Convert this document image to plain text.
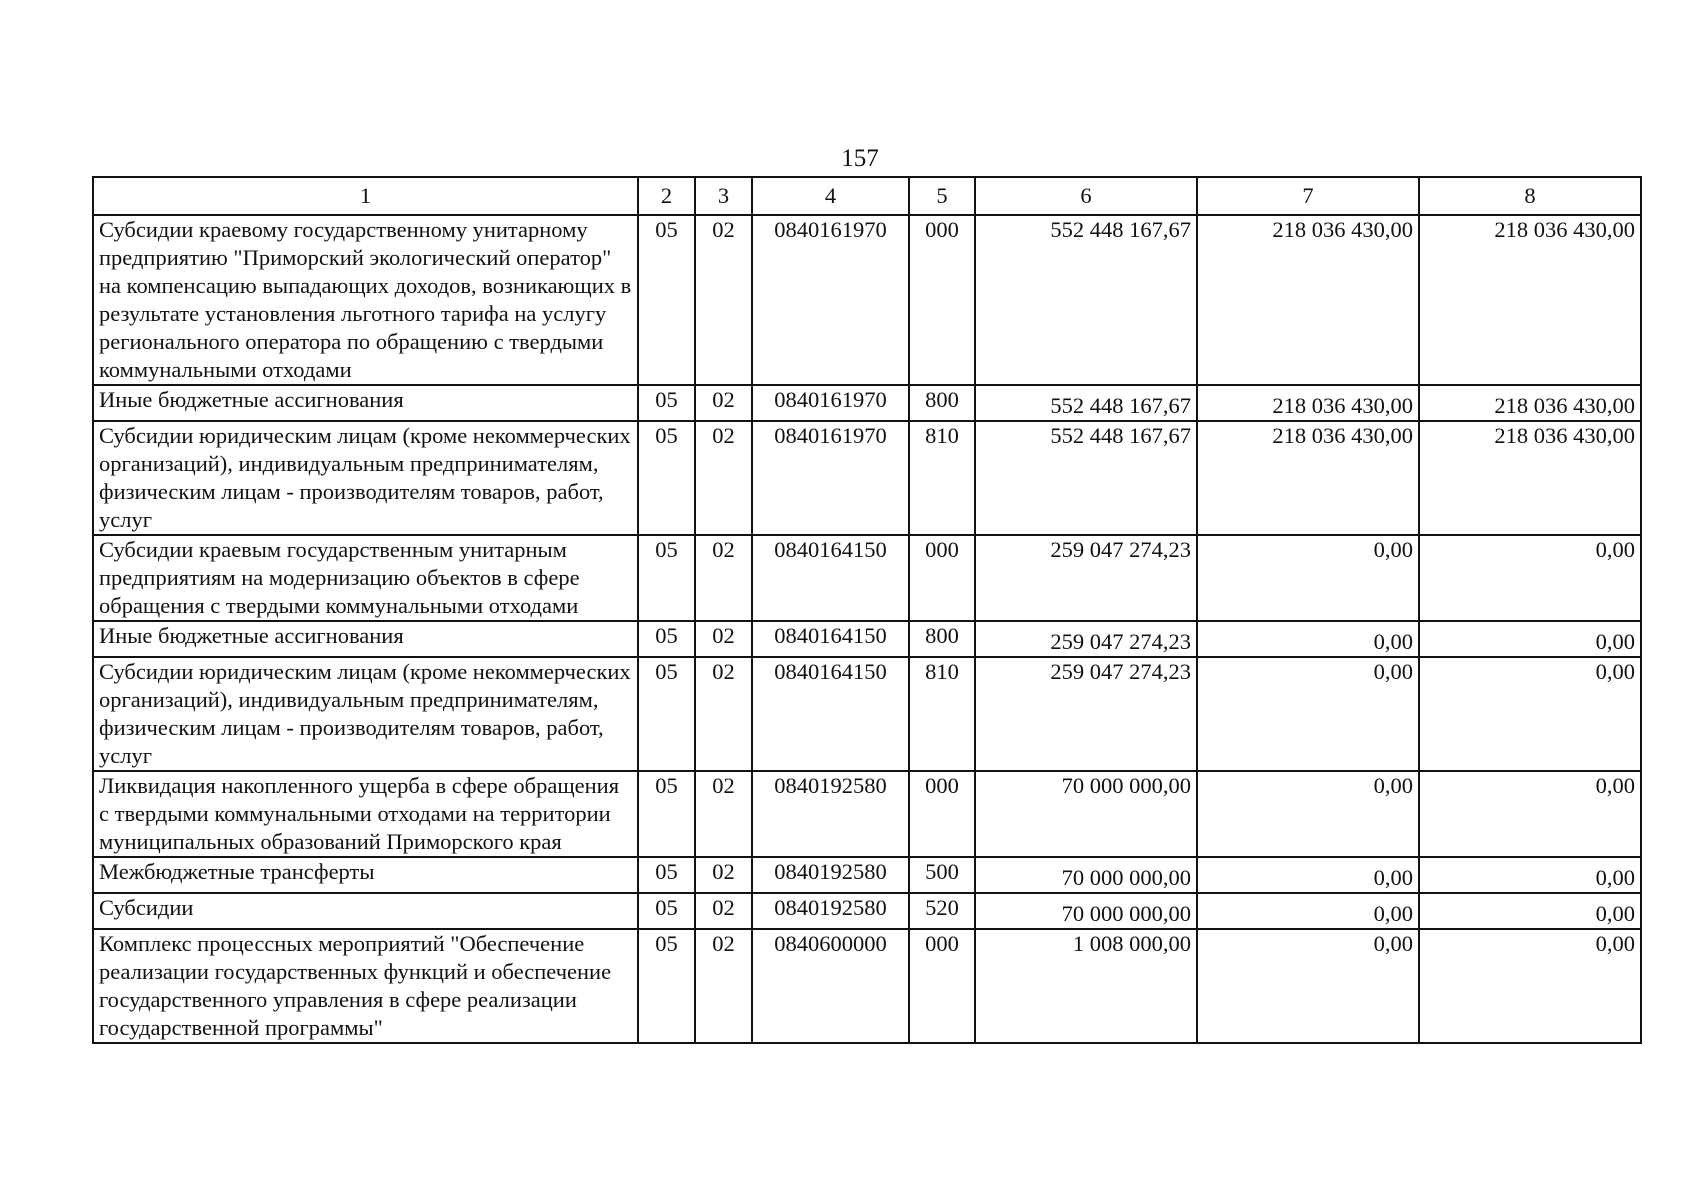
157
1	2	3	4	5	6	7	8
Субсидии краевому государственному унитарному предприятию "Приморский экологический оператор" на компенсацию выпадающих доходов, возникающих в результате установления льготного тарифа на услугу регионального оператора по обращению с твердыми коммунальными отходами	05	02	0840161970	000	552 448 167,67	218 036 430,00	218 036 430,00
Иные бюджетные ассигнования	05	02	0840161970	800	552 448 167,67	218 036 430,00	218 036 430,00
Субсидии юридическим лицам (кроме некоммерческих организаций), индивидуальным предпринимателям, физическим лицам - производителям товаров, работ, услуг	05	02	0840161970	810	552 448 167,67	218 036 430,00	218 036 430,00
Субсидии краевым государственным унитарным предприятиям на модернизацию объектов в сфере обращения с твердыми коммунальными отходами	05	02	0840164150	000	259 047 274,23	0,00	0,00
Иные бюджетные ассигнования	05	02	0840164150	800	259 047 274,23	0,00	0,00
Субсидии юридическим лицам (кроме некоммерческих организаций), индивидуальным предпринимателям, физическим лицам - производителям товаров, работ, услуг	05	02	0840164150	810	259 047 274,23	0,00	0,00
Ликвидация накопленного ущерба в сфере обращения с твердыми коммунальными отходами на территории муниципальных образований Приморского края	05	02	0840192580	000	70 000 000,00	0,00	0,00
Межбюджетные трансферты	05	02	0840192580	500	70 000 000,00	0,00	0,00
Субсидии	05	02	0840192580	520	70 000 000,00	0,00	0,00
Комплекс процессных мероприятий "Обеспечение реализации государственных функций и обеспечение государственного управления в сфере реализации государственной программы"	05	02	0840600000	000	1 008 000,00	0,00	0,00
